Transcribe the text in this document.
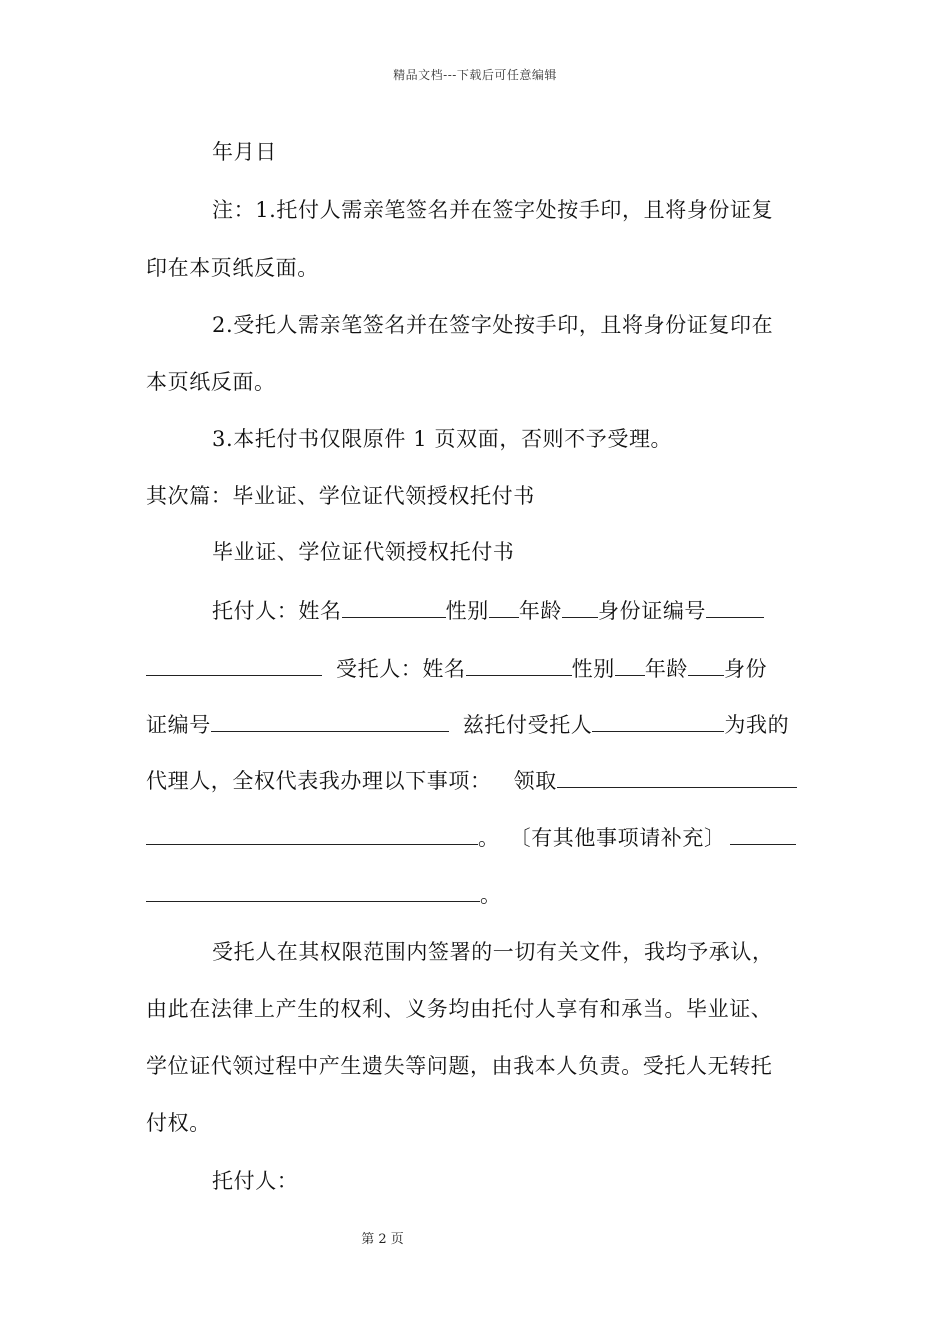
精品文档---下载后可任意编辑
年月日
注：1.托付人需亲笔签名并在签字处按手印，且将身份证复
印在本页纸反面。
2.受托人需亲笔签名并在签字处按手印，且将身份证复印在
本页纸反面。
3.本托付书仅限原件 1 页双面，否则不予受理。
其次篇：毕业证、学位证代领授权托付书
毕业证、学位证代领授权托付书
托付人：姓名	性别 年龄 身份证编号
受托人：姓名	性别 年龄 身份
证编号	兹托付受托人	为我的
代理人，全权代表我办理以下事项： 领取
。 〔有其他事项请补充〕
。
受托人在其权限范围内签署的一切有关文件，我均予承认，
由此在法律上产生的权利、义务均由托付人享有和承当。毕业证、
学位证代领过程中产生遗失等问题，由我本人负责。受托人无转托
付权。
托付人：
第 2 页
